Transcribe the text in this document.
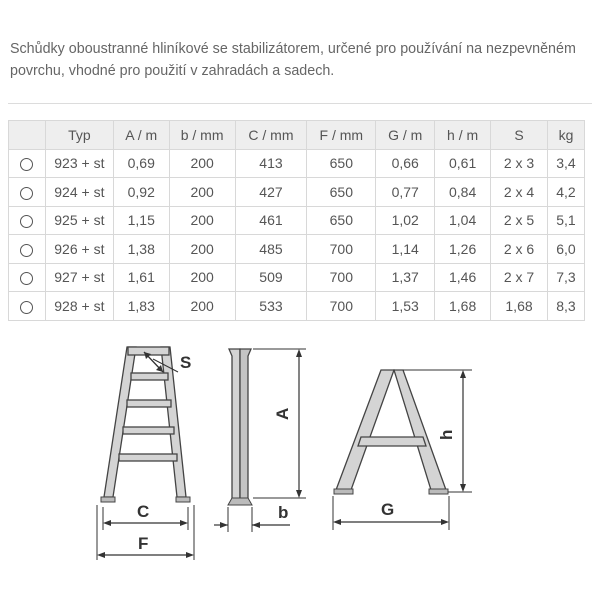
Schůdky oboustranné hliníkové se stabilizátorem, určené pro používání na nezpevněném povrchu, vhodné pro použití v zahradách a sadech.

	Typ	A / m	b / mm	C / mm	F / mm	G / m	h / m	S	kg
	923 + st	0,69	200	413	650	0,66	0,61	2 x 3	3,4
	924 + st	0,92	200	427	650	0,77	0,84	2 x 4	4,2
	925 + st	1,15	200	461	650	1,02	1,04	2 x 5	5,1
	926 + st	1,38	200	485	700	1,14	1,26	2 x 6	6,0
	927 + st	1,61	200	509	700	1,37	1,46	2 x 7	7,3
	928 + st	1,83	200	533	700	1,53	1,68	1,68	8,3
S
C
F
A
b
h
G
